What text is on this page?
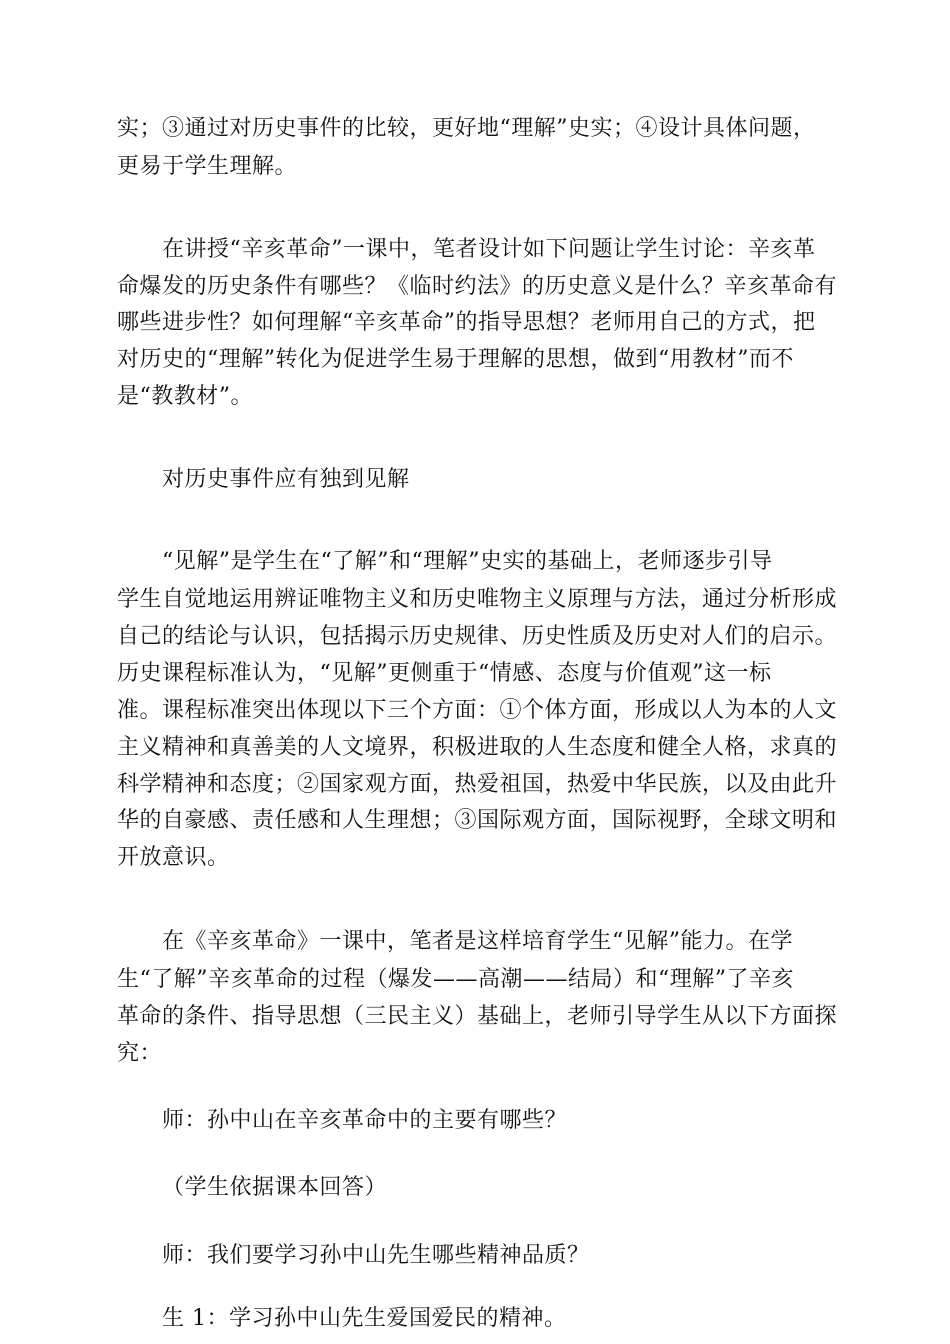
实；③通过对历史事件的比较，更好地“理解”史实；④设计具体问题，
更易于学生理解。
在讲授“辛亥革命”一课中，笔者设计如下问题让学生讨论：辛亥革
命爆发的历史条件有哪些？《临时约法》的历史意义是什么？辛亥革命有
哪些进步性？如何理解“辛亥革命”的指导思想？老师用自己的方式，把
对历史的“理解”转化为促进学生易于理解的思想，做到“用教材”而不
是“教教材”。
对历史事件应有独到见解
“见解”是学生在“了解”和“理解”史实的基础上，老师逐步引导
学生自觉地运用辨证唯物主义和历史唯物主义原理与方法，通过分析形成
自己的结论与认识，包括揭示历史规律、历史性质及历史对人们的启示。
历史课程标准认为，“见解”更侧重于“情感、态度与价值观”这一标
准。课程标准突出体现以下三个方面：①个体方面，形成以人为本的人文
主义精神和真善美的人文境界，积极进取的人生态度和健全人格，求真的
科学精神和态度；②国家观方面，热爱祖国，热爱中华民族，以及由此升
华的自豪感、责任感和人生理想；③国际观方面，国际视野，全球文明和
开放意识。
在《辛亥革命》一课中，笔者是这样培育学生“见解”能力。在学
生“了解”辛亥革命的过程（爆发——高潮——结局）和“理解”了辛亥
革命的条件、指导思想（三民主义）基础上，老师引导学生从以下方面探
究：
师：孙中山在辛亥革命中的主要有哪些？
（学生依据课本回答）
师：我们要学习孙中山先生哪些精神品质？
生 1：学习孙中山先生爱国爱民的精神。
